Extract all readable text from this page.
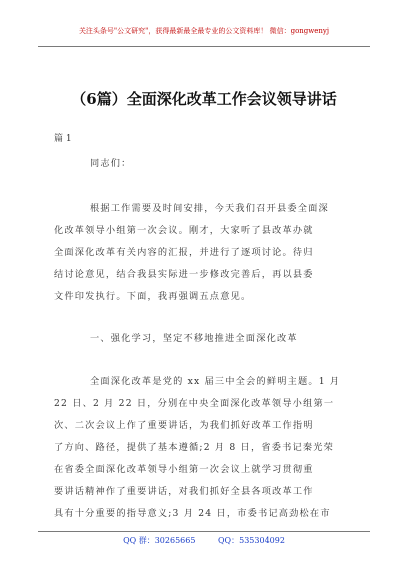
关注头条号"公文研究"，获得最新最全最专业的公文资料库！ 微信：gongwenyj
（6篇）全面深化改革工作会议领导讲话
篇 1
同志们：
根据工作需要及时间安排，今天我们召开县委全面深
化改革领导小组第一次会议。刚才，大家听了县改革办就
全面深化改革有关内容的汇报，并进行了逐项讨论。待归
结讨论意见，结合我县实际进一步修改完善后，再以县委
文件印发执行。下面，我再强调五点意见。
一、强化学习，坚定不移地推进全面深化改革
全面深化改革是党的 xx 届三中全会的鲜明主题。1 月
22 日、2 月 22 日，分别在中央全面深化改革领导小组第一
次、二次会议上作了重要讲话，为我们抓好改革工作指明
了方向、路径，提供了基本遵循;2 月 8 日，省委书记秦光荣
在省委全面深化改革领导小组第一次会议上就学习贯彻重
要讲话精神作了重要讲话，对我们抓好全县各项改革工作
具有十分重要的指导意义;3 月 24 日，市委书记高劲松在市
QQ 群：30265665	QQ：535304092
